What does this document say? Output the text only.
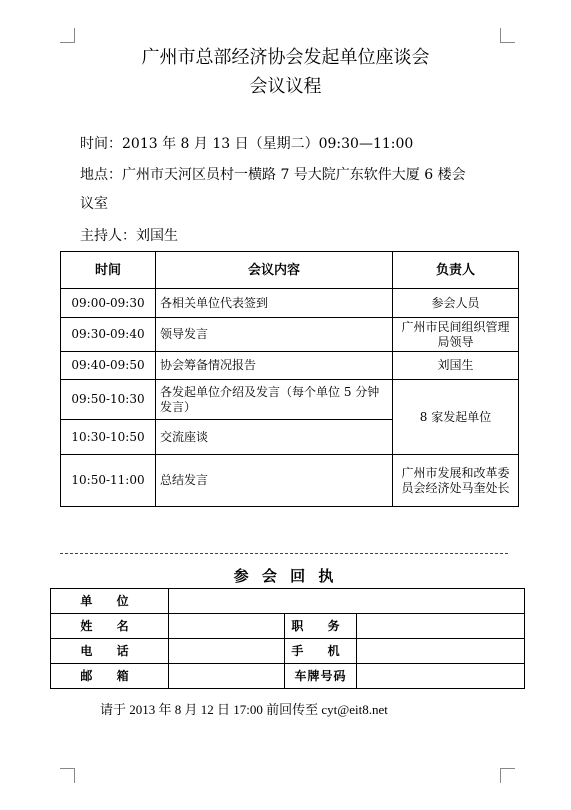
广州市总部经济协会发起单位座谈会
会议议程
时间：2013 年 8 月 13 日（星期二）09:30—11:00
地点：广州市天河区员村一横路 7 号大院广东软件大厦 6 楼会
议室
主持人：刘国生
时间	会议内容	负责人
09:00-09:30	各相关单位代表签到	参会人员
09:30-09:40	领导发言	广州市民间组织管理局领导
09:40-09:50	协会筹备情况报告	刘国生
09:50-10:30	各发起单位介绍及发言（每个单位 5 分钟发言）	8 家发起单位
10:30-10:50	交流座谈	
10:50-11:00	总结发言	广州市发展和改革委员会经济处马奎处长
参 会 回 执
单 位			
姓 名		职 务	
电 话		手 机	
邮 箱		车牌号码	
请于 2013 年 8 月 12 日 17:00 前回传至 cyt@eit8.net
